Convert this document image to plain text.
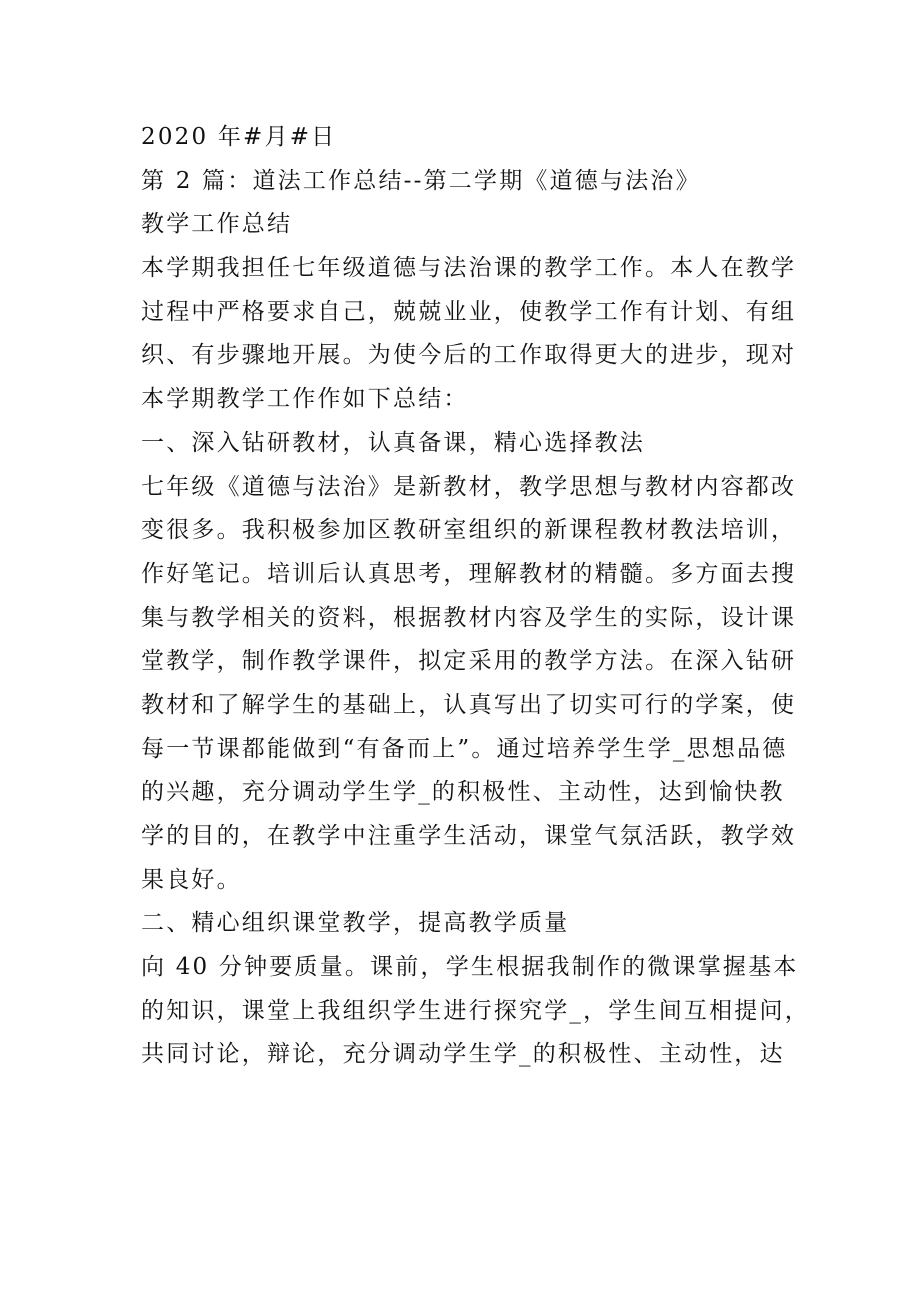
2020 年#月#日
第 2 篇：道法工作总结--第二学期《道德与法治》
教学工作总结
本学期我担任七年级道德与法治课的教学工作。本人在教学
过程中严格要求自己，兢兢业业，使教学工作有计划、有组
织、有步骤地开展。为使今后的工作取得更大的进步，现对
本学期教学工作作如下总结：
一、深入钻研教材，认真备课，精心选择教法
七年级《道德与法治》是新教材，教学思想与教材内容都改
变很多。我积极参加区教研室组织的新课程教材教法培训，
作好笔记。培训后认真思考，理解教材的精髓。多方面去搜
集与教学相关的资料，根据教材内容及学生的实际，设计课
堂教学，制作教学课件，拟定采用的教学方法。在深入钻研
教材和了解学生的基础上，认真写出了切实可行的学案，使
每一节课都能做到“有备而上”。通过培养学生学_思想品德
的兴趣，充分调动学生学_的积极性、主动性，达到愉快教
学的目的，在教学中注重学生活动，课堂气氛活跃，教学效
果良好。
二、精心组织课堂教学，提高教学质量
向 40 分钟要质量。课前，学生根据我制作的微课掌握基本
的知识，课堂上我组织学生进行探究学_，学生间互相提问，
共同讨论，辩论，充分调动学生学_的积极性、主动性，达
